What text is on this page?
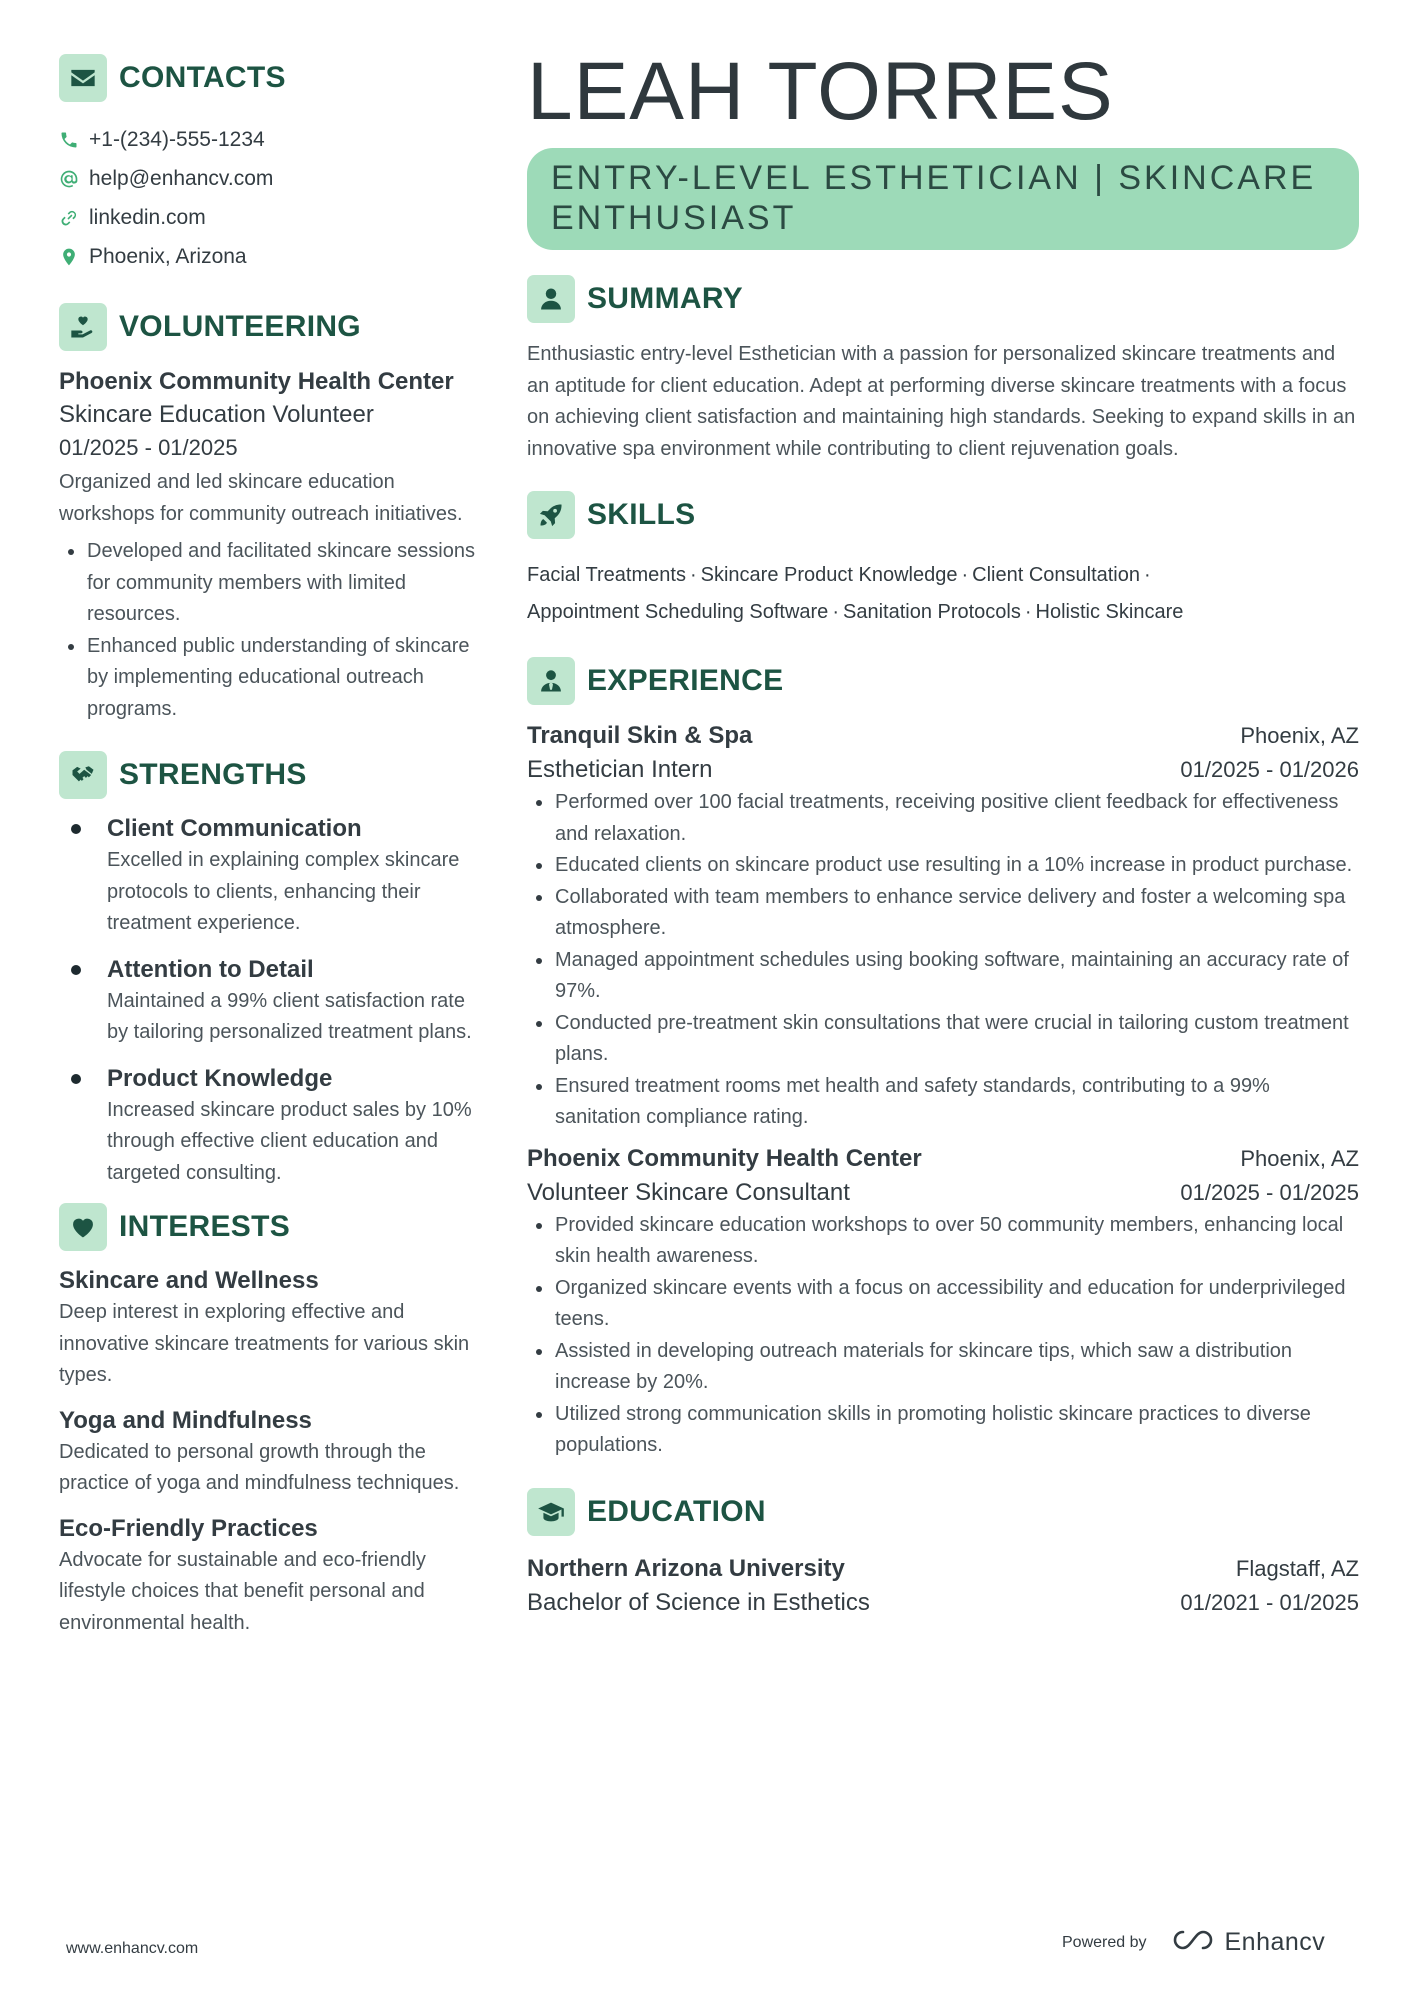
CONTACTS
+1-(234)-555-1234
help@enhancv.com
linkedin.com
Phoenix, Arizona
VOLUNTEERING
Phoenix Community Health Center
Skincare Education Volunteer
01/2025 - 01/2025
Organized and led skincare education workshops for community outreach initiatives.
Developed and facilitated skincare sessions for community members with limited resources.
Enhanced public understanding of skincare by implementing educational outreach programs.
STRENGTHS
Client Communication
Excelled in explaining complex skincare protocols to clients, enhancing their treatment experience.
Attention to Detail
Maintained a 99% client satisfaction rate by tailoring personalized treatment plans.
Product Knowledge
Increased skincare product sales by 10% through effective client education and targeted consulting.
INTERESTS
Skincare and Wellness
Deep interest in exploring effective and innovative skincare treatments for various skin types.
Yoga and Mindfulness
Dedicated to personal growth through the practice of yoga and mindfulness techniques.
Eco-Friendly Practices
Advocate for sustainable and eco-friendly lifestyle choices that benefit personal and environmental health.
LEAH TORRES
ENTRY-LEVEL ESTHETICIAN | SKINCARE ENTHUSIAST
SUMMARY
Enthusiastic entry-level Esthetician with a passion for personalized skincare treatments and an aptitude for client education. Adept at performing diverse skincare treatments with a focus on achieving client satisfaction and maintaining high standards. Seeking to expand skills in an innovative spa environment while contributing to client rejuvenation goals.
SKILLS
Facial Treatments · Skincare Product Knowledge · Client Consultation ·
Appointment Scheduling Software · Sanitation Protocols · Holistic Skincare
EXPERIENCE
Tranquil Skin & Spa	Phoenix, AZ
Esthetician Intern	01/2025 - 01/2026
Performed over 100 facial treatments, receiving positive client feedback for effectiveness and relaxation.
Educated clients on skincare product use resulting in a 10% increase in product purchase.
Collaborated with team members to enhance service delivery and foster a welcoming spa atmosphere.
Managed appointment schedules using booking software, maintaining an accuracy rate of 97%.
Conducted pre-treatment skin consultations that were crucial in tailoring custom treatment plans.
Ensured treatment rooms met health and safety standards, contributing to a 99% sanitation compliance rating.
Phoenix Community Health Center	Phoenix, AZ
Volunteer Skincare Consultant	01/2025 - 01/2025
Provided skincare education workshops to over 50 community members, enhancing local skin health awareness.
Organized skincare events with a focus on accessibility and education for underprivileged teens.
Assisted in developing outreach materials for skincare tips, which saw a distribution increase by 20%.
Utilized strong communication skills in promoting holistic skincare practices to diverse populations.
EDUCATION
Northern Arizona University	Flagstaff, AZ
Bachelor of Science in Esthetics	01/2021 - 01/2025
www.enhancv.com	Powered by	Enhancv
